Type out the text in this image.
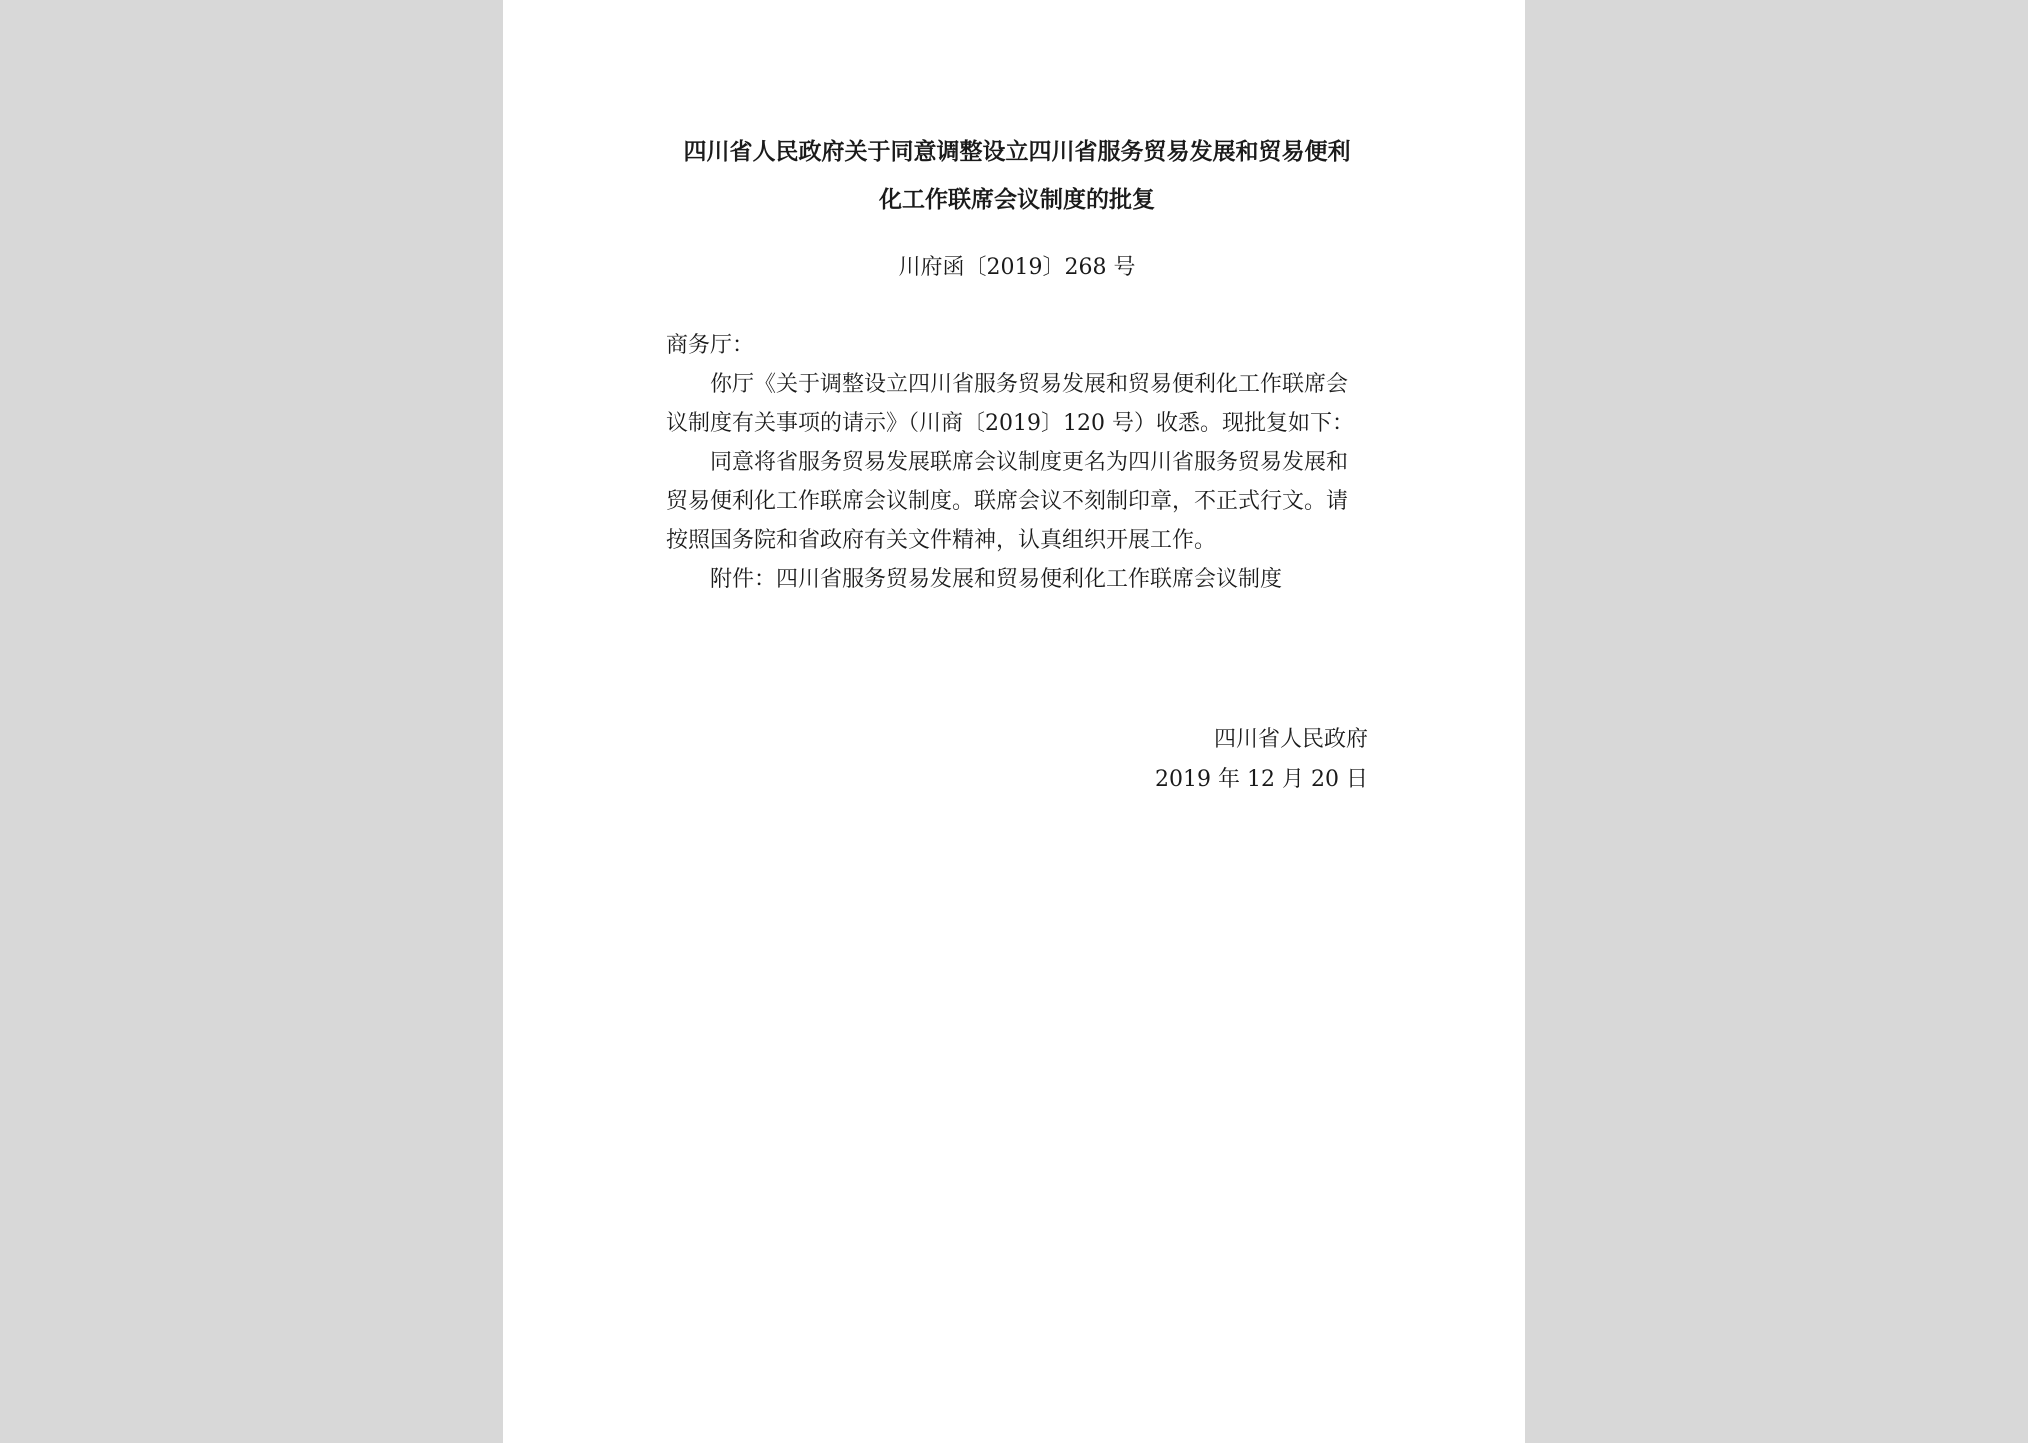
四川省人民政府关于同意调整设立四川省服务贸易发展和贸易便利
化工作联席会议制度的批复
川府函〔2019〕268 号

商务厅：

你厅《关于调整设立四川省服务贸易发展和贸易便利化工作联席会议制度有关事项的请示》（川商〔2019〕120 号）收悉。现批复如下：

同意将省服务贸易发展联席会议制度更名为四川省服务贸易发展和贸易便利化工作联席会议制度。联席会议不刻制印章，不正式行文。请按照国务院和省政府有关文件精神，认真组织开展工作。

附件：四川省服务贸易发展和贸易便利化工作联席会议制度

四川省人民政府
2019 年 12 月 20 日
